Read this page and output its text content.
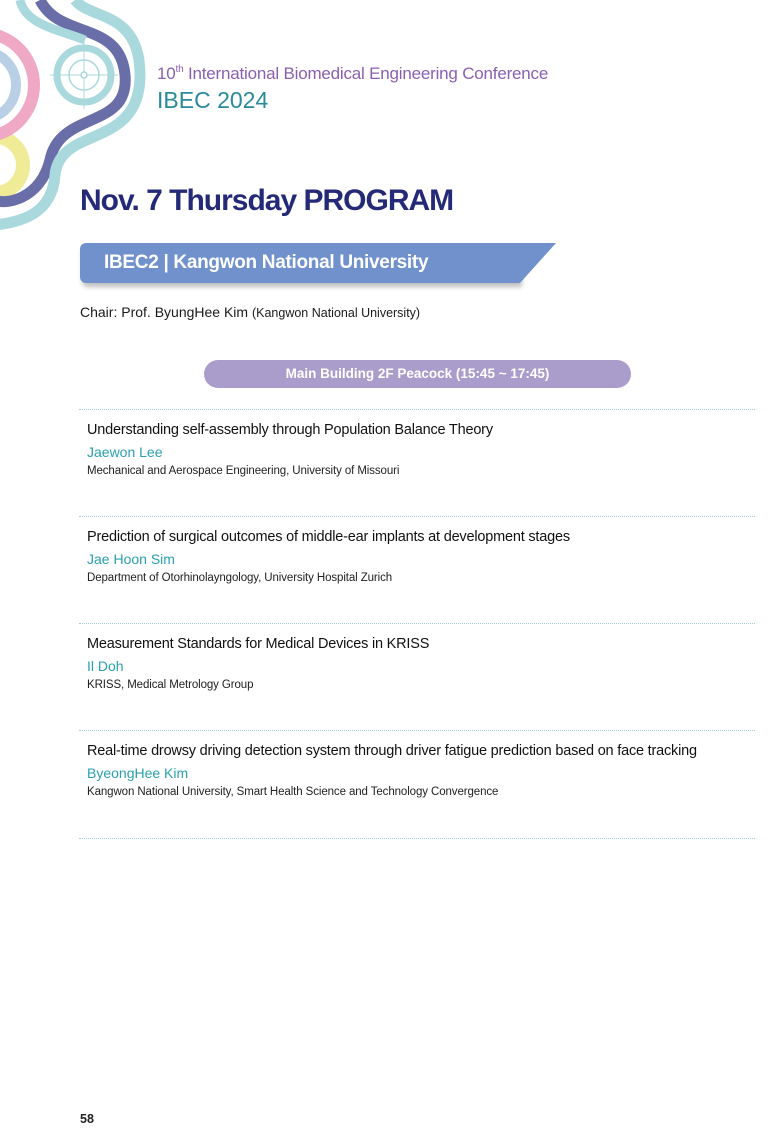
10th International Biomedical Engineering Conference
IBEC 2024
Nov. 7 Thursday PROGRAM
IBEC2 | Kangwon National University
Chair: Prof. ByungHee Kim (Kangwon National University)
Main Building 2F Peacock (15:45 ~ 17:45)
Understanding self-assembly through Population Balance Theory
Jaewon Lee
Mechanical and Aerospace Engineering, University of Missouri
Prediction of surgical outcomes of middle-ear implants at development stages
Jae Hoon Sim
Department of Otorhinolayngology, University Hospital Zurich
Measurement Standards for Medical Devices in KRISS
Il Doh
KRISS, Medical Metrology Group
Real-time drowsy driving detection system through driver fatigue prediction based on face tracking
ByeongHee Kim
Kangwon National University, Smart Health Science and Technology Convergence
58
